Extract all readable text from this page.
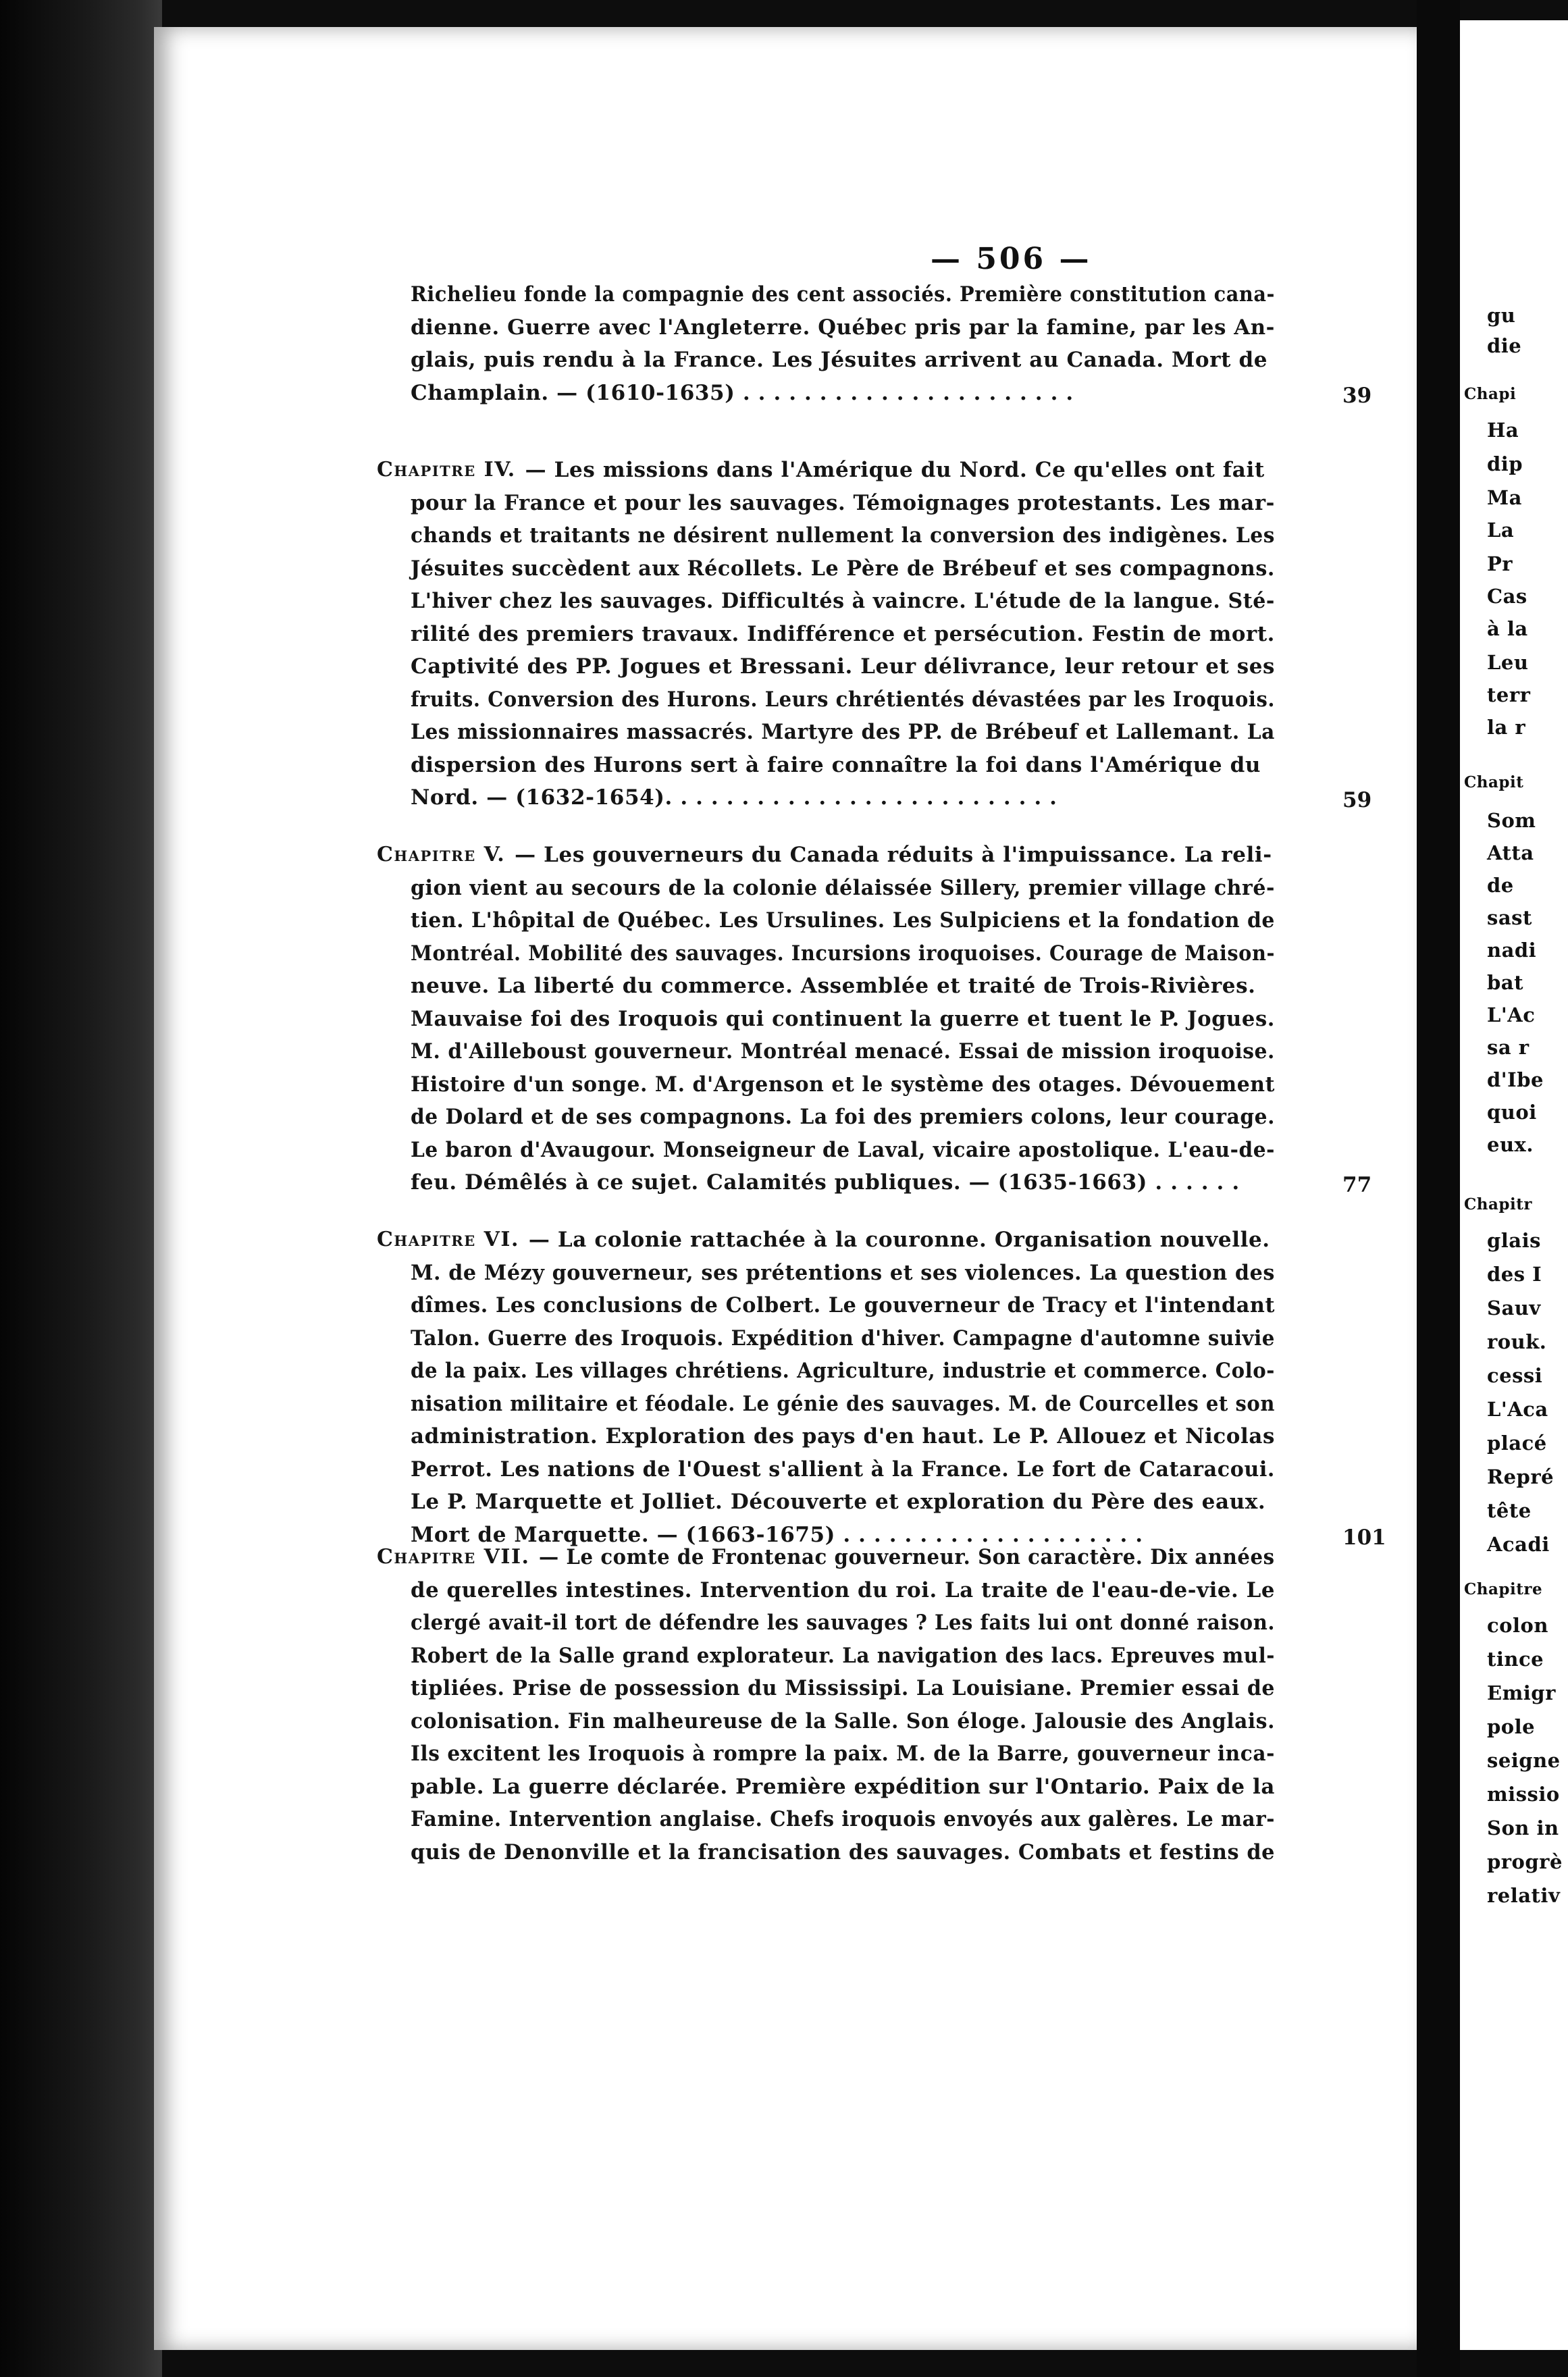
— 506 —
Richelieu fonde la compagnie des cent associés. Première constitution cana-
dienne. Guerre avec l'Angleterre. Québec pris par la famine, par les An-
glais, puis rendu à la France. Les Jésuites arrivent au Canada. Mort de
Champlain. — (1610-1635) . . . . . . . . . . . . . . . . . . . . . .	39
Chapitre IV. — Les missions dans l'Amérique du Nord. Ce qu'elles ont fait
pour la France et pour les sauvages. Témoignages protestants. Les mar-
chands et traitants ne désirent nullement la conversion des indigènes. Les
Jésuites succèdent aux Récollets. Le Père de Brébeuf et ses compagnons.
L'hiver chez les sauvages. Difficultés à vaincre. L'étude de la langue. Sté-
rilité des premiers travaux. Indifférence et persécution. Festin de mort.
Captivité des PP. Jogues et Bressani. Leur délivrance, leur retour et ses
fruits. Conversion des Hurons. Leurs chrétientés dévastées par les Iroquois.
Les missionnaires massacrés. Martyre des PP. de Brébeuf et Lallemant. La
dispersion des Hurons sert à faire connaître la foi dans l'Amérique du
Nord. — (1632-1654). . . . . . . . . . . . . . . . . . . . . . . . . .	59
Chapitre V. — Les gouverneurs du Canada réduits à l'impuissance. La reli-
gion vient au secours de la colonie délaissée Sillery, premier village chré-
tien. L'hôpital de Québec. Les Ursulines. Les Sulpiciens et la fondation de
Montréal. Mobilité des sauvages. Incursions iroquoises. Courage de Maison-
neuve. La liberté du commerce. Assemblée et traité de Trois-Rivières.
Mauvaise foi des Iroquois qui continuent la guerre et tuent le P. Jogues.
M. d'Ailleboust gouverneur. Montréal menacé. Essai de mission iroquoise.
Histoire d'un songe. M. d'Argenson et le système des otages. Dévouement
de Dolard et de ses compagnons. La foi des premiers colons, leur courage.
Le baron d'Avaugour. Monseigneur de Laval, vicaire apostolique. L'eau-de-
feu. Démêlés à ce sujet. Calamités publiques. — (1635-1663) . . . . . .	77
Chapitre VI. — La colonie rattachée à la couronne. Organisation nouvelle.
M. de Mézy gouverneur, ses prétentions et ses violences. La question des
dîmes. Les conclusions de Colbert. Le gouverneur de Tracy et l'intendant
Talon. Guerre des Iroquois. Expédition d'hiver. Campagne d'automne suivie
de la paix. Les villages chrétiens. Agriculture, industrie et commerce. Colo-
nisation militaire et féodale. Le génie des sauvages. M. de Courcelles et son
administration. Exploration des pays d'en haut. Le P. Allouez et Nicolas
Perrot. Les nations de l'Ouest s'allient à la France. Le fort de Cataracoui.
Le P. Marquette et Jolliet. Découverte et exploration du Père des eaux.
Mort de Marquette. — (1663-1675) . . . . . . . . . . . . . . . . . . . .	101
Chapitre VII. — Le comte de Frontenac gouverneur. Son caractère. Dix années
de querelles intestines. Intervention du roi. La traite de l'eau-de-vie. Le
clergé avait-il tort de défendre les sauvages ? Les faits lui ont donné raison.
Robert de la Salle grand explorateur. La navigation des lacs. Epreuves mul-
tipliées. Prise de possession du Mississipi. La Louisiane. Premier essai de
colonisation. Fin malheureuse de la Salle. Son éloge. Jalousie des Anglais.
Ils excitent les Iroquois à rompre la paix. M. de la Barre, gouverneur inca-
pable. La guerre déclarée. Première expédition sur l'Ontario. Paix de la
Famine. Intervention anglaise. Chefs iroquois envoyés aux galères. Le mar-
quis de Denonville et la francisation des sauvages. Combats et festins de
gu
die
Chapi
Ha
dip
Ma
La
Pr
Cas
à la
Leu
terr
la r
Chapit
Som
Atta
de
sast
nadi
bat
L'Ac
sa r
d'Ibe
quoi
eux.
Chapitr
glais
des I
Sauv
rouk.
cessi
L'Aca
placé
Repré
tête
Acadi
Chapitre
colon
tince
Emigr
pole
seigne
missio
Son in
progrè
relativ
